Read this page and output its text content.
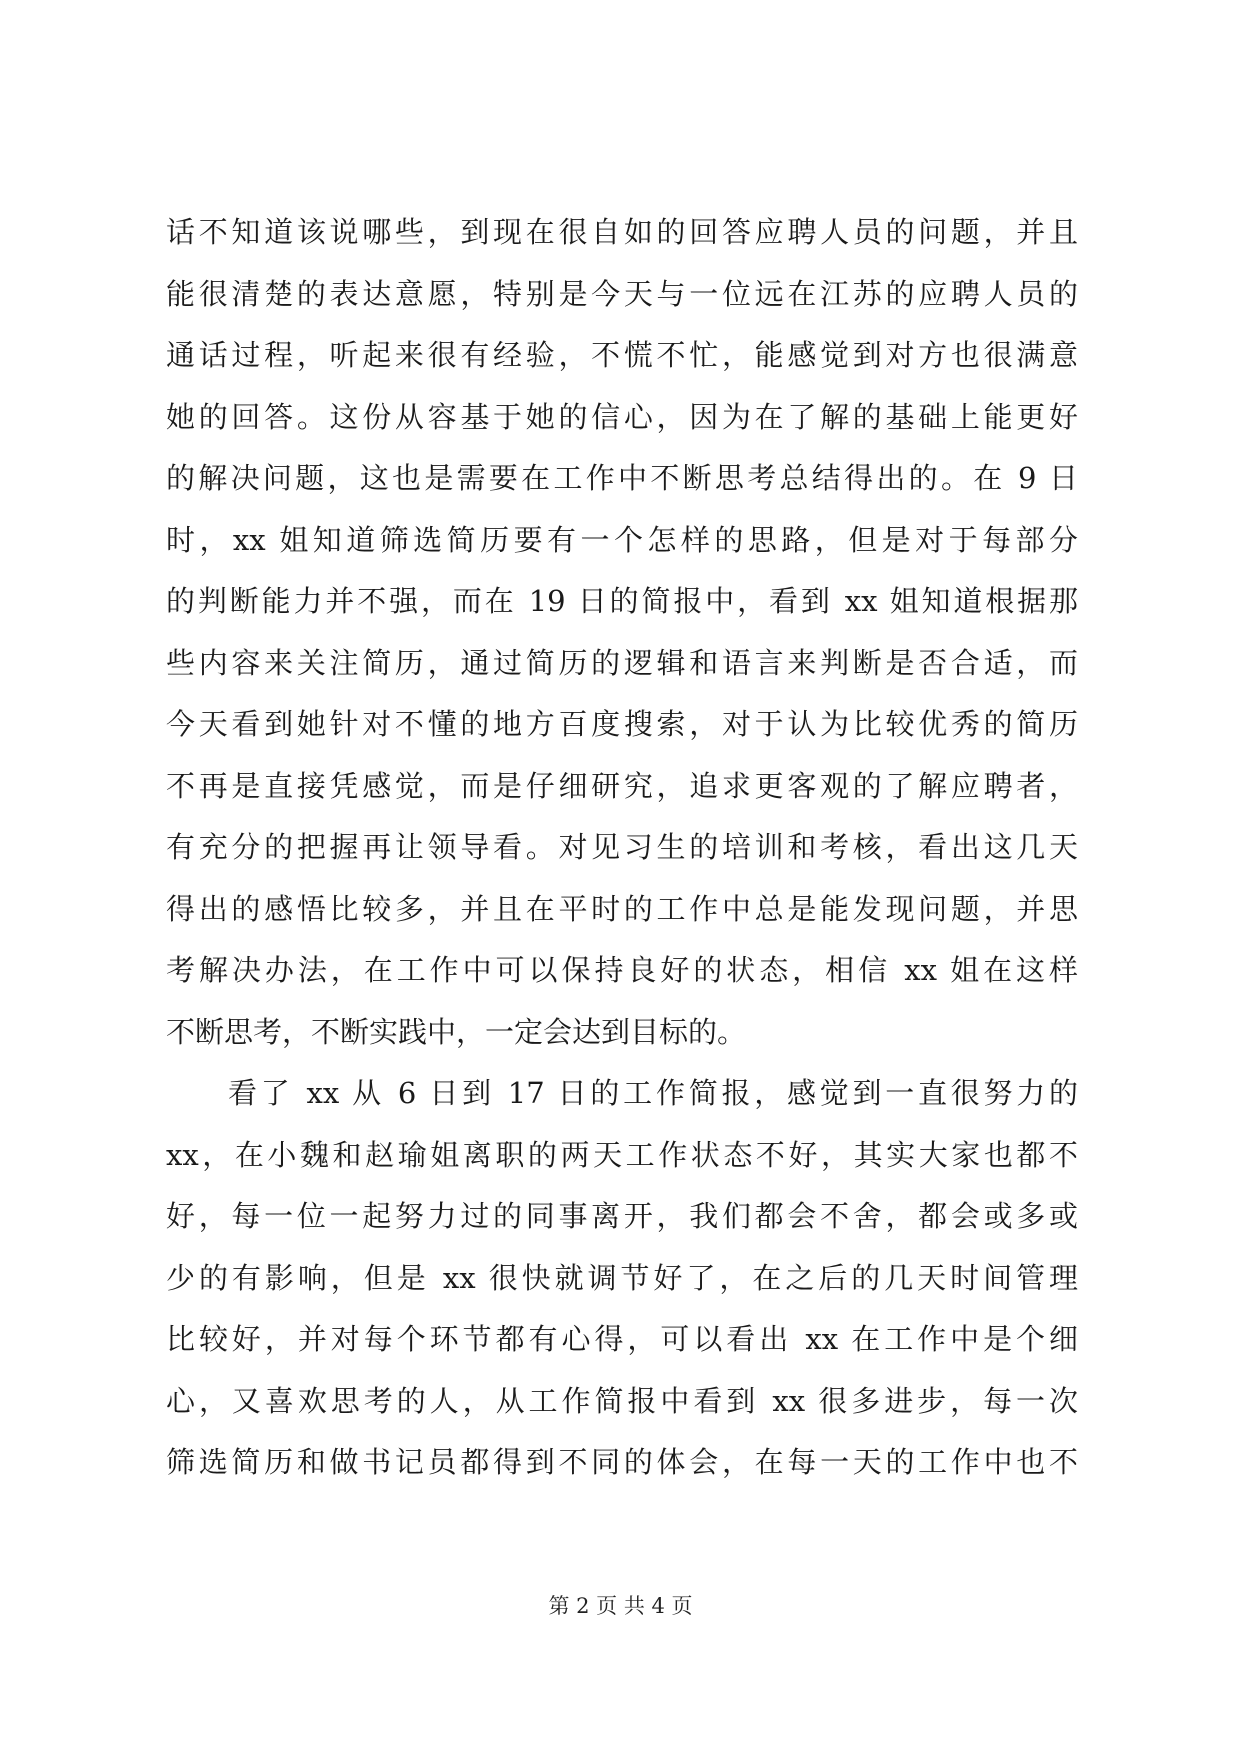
话不知道该说哪些，到现在很自如的回答应聘人员的问题，并且
能很清楚的表达意愿，特别是今天与一位远在江苏的应聘人员的
通话过程，听起来很有经验，不慌不忙，能感觉到对方也很满意
她的回答。这份从容基于她的信心，因为在了解的基础上能更好
的解决问题，这也是需要在工作中不断思考总结得出的。在 9 日
时，xx 姐知道筛选简历要有一个怎样的思路，但是对于每部分
的判断能力并不强，而在 19 日的简报中，看到 xx 姐知道根据那
些内容来关注简历，通过简历的逻辑和语言来判断是否合适，而
今天看到她针对不懂的地方百度搜索，对于认为比较优秀的简历
不再是直接凭感觉，而是仔细研究，追求更客观的了解应聘者，
有充分的把握再让领导看。对见习生的培训和考核，看出这几天
得出的感悟比较多，并且在平时的工作中总是能发现问题，并思
考解决办法，在工作中可以保持良好的状态，相信 xx 姐在这样
不断思考，不断实践中，一定会达到目标的。
看了 xx 从 6 日到 17 日的工作简报，感觉到一直很努力的
xx，在小魏和赵瑜姐离职的两天工作状态不好，其实大家也都不
好，每一位一起努力过的同事离开，我们都会不舍，都会或多或
少的有影响，但是 xx 很快就调节好了，在之后的几天时间管理
比较好，并对每个环节都有心得，可以看出 xx 在工作中是个细
心，又喜欢思考的人，从工作简报中看到 xx 很多进步，每一次
筛选简历和做书记员都得到不同的体会，在每一天的工作中也不
第 2 页 共 4 页
